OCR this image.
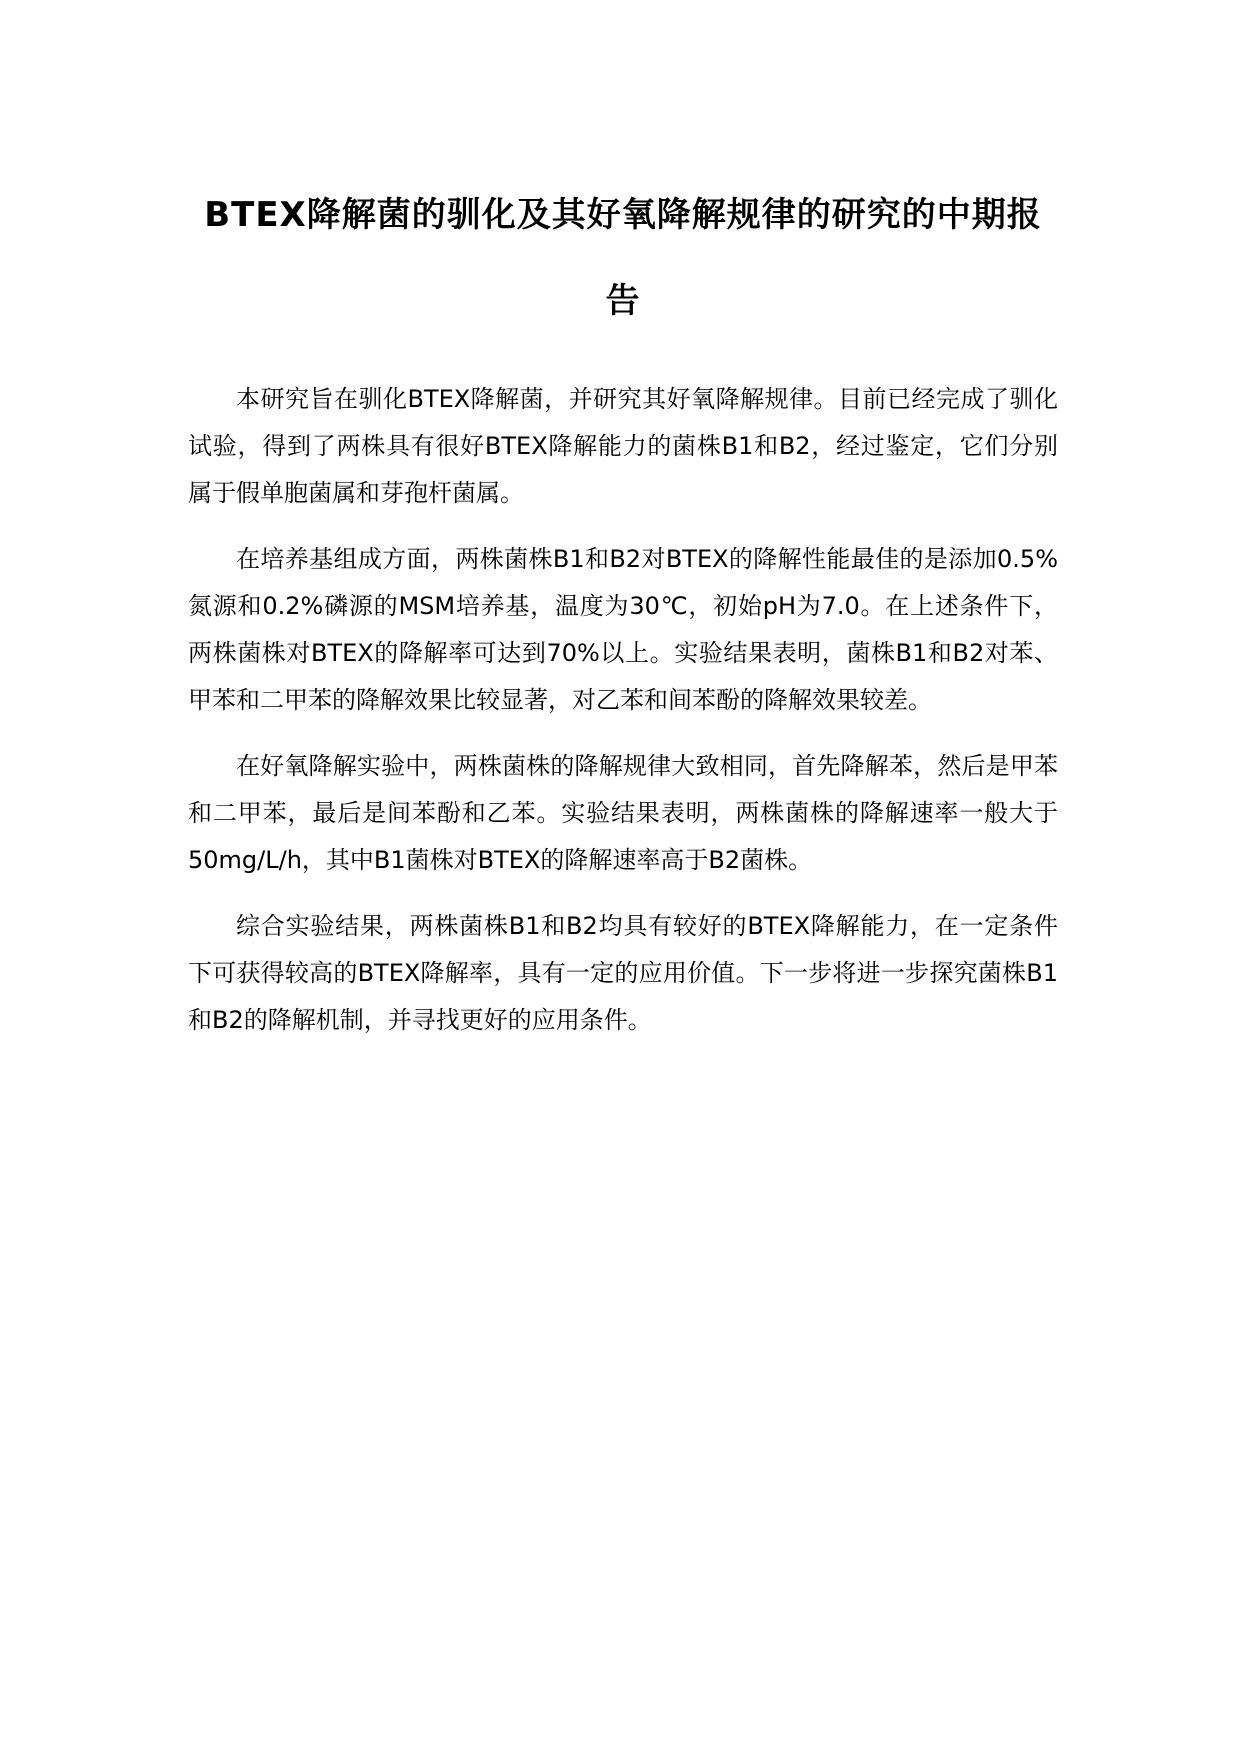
BTEX降解菌的驯化及其好氧降解规律的研究的中期报告

本研究旨在驯化BTEX降解菌，并研究其好氧降解规律。目前已经完成了驯化试验，得到了两株具有很好BTEX降解能力的菌株B1和B2，经过鉴定，它们分别属于假单胞菌属和芽孢杆菌属。

在培养基组成方面，两株菌株B1和B2对BTEX的降解性能最佳的是添加0.5%氮源和0.2%磷源的MSM培养基，温度为30℃，初始pH为7.0。在上述条件下，两株菌株对BTEX的降解率可达到70%以上。实验结果表明，菌株B1和B2对苯、甲苯和二甲苯的降解效果比较显著，对乙苯和间苯酚的降解效果较差。

在好氧降解实验中，两株菌株的降解规律大致相同，首先降解苯，然后是甲苯和二甲苯，最后是间苯酚和乙苯。实验结果表明，两株菌株的降解速率一般大于50mg/L/h，其中B1菌株对BTEX的降解速率高于B2菌株。

综合实验结果，两株菌株B1和B2均具有较好的BTEX降解能力，在一定条件下可获得较高的BTEX降解率，具有一定的应用价值。下一步将进一步探究菌株B1和B2的降解机制，并寻找更好的应用条件。
